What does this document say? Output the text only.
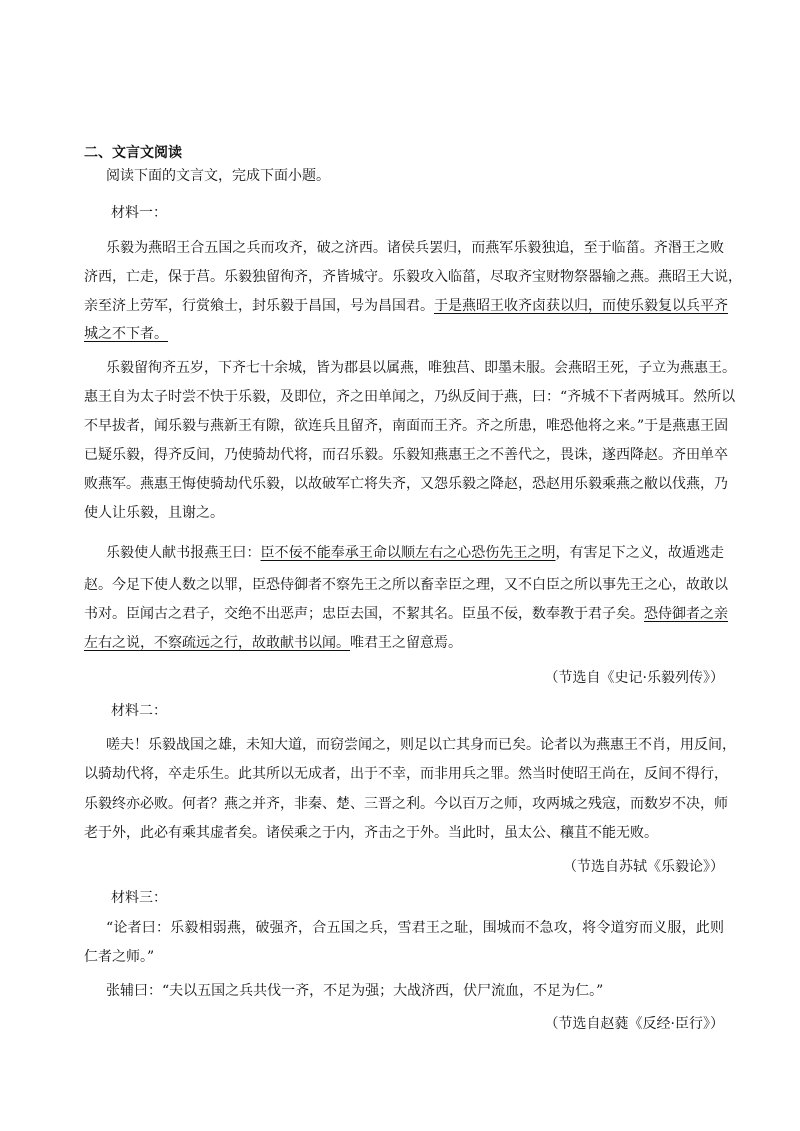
二、文言文阅读
阅读下面的文言文，完成下面小题。
材料一：
乐毅为燕昭王合五国之兵而攻齐，破之济西。诸侯兵罢归，而燕军乐毅独追，至于临菑。齐湣王之败
济西，亡走，保于莒。乐毅独留徇齐，齐皆城守。乐毅攻入临菑，尽取齐宝财物祭器输之燕。燕昭王大说，
亲至济上劳军，行赏飨士，封乐毅于昌国，号为昌国君。于是燕昭王收齐卤获以归，而使乐毅复以兵平齐
城之不下者。
乐毅留徇齐五岁，下齐七十余城，皆为郡县以属燕，唯独莒、即墨未服。会燕昭王死，子立为燕惠王。
惠王自为太子时尝不快于乐毅，及即位，齐之田单闻之，乃纵反间于燕，曰：“齐城不下者两城耳。然所以
不早拔者，闻乐毅与燕新王有隙，欲连兵且留齐，南面而王齐。齐之所患，唯恐他将之来。”于是燕惠王固
已疑乐毅，得齐反间，乃使骑劫代将，而召乐毅。乐毅知燕惠王之不善代之，畏诛，遂西降赵。齐田单卒
败燕军。燕惠王悔使骑劫代乐毅，以故破军亡将失齐，又怨乐毅之降赵，恐赵用乐毅乘燕之敝以伐燕，乃
使人让乐毅，且谢之。
乐毅使人献书报燕王曰：臣不佞不能奉承王命以顺左右之心恐伤先王之明，有害足下之义，故遁逃走
赵。今足下使人数之以罪，臣恐侍御者不察先王之所以畜幸臣之理，又不白臣之所以事先王之心，故敢以
书对。臣闻古之君子，交绝不出恶声；忠臣去国，不絜其名。臣虽不佞，数奉教于君子矣。恐侍御者之亲
左右之说，不察疏远之行，故敢献书以闻。唯君王之留意焉。
（节选自《史记·乐毅列传》）
材料二：
嗟夫！乐毅战国之雄，未知大道，而窃尝闻之，则足以亡其身而已矣。论者以为燕惠王不肖，用反间，
以骑劫代将，卒走乐生。此其所以无成者，出于不幸，而非用兵之罪。然当时使昭王尚在，反间不得行，
乐毅终亦必败。何者？燕之并齐，非秦、楚、三晋之利。今以百万之师，攻两城之残寇，而数岁不决，师
老于外，此必有乘其虚者矣。诸侯乘之于内，齐击之于外。当此时，虽太公、穰苴不能无败。
（节选自苏轼《乐毅论》）
材料三：
“论者曰：乐毅相弱燕，破强齐，合五国之兵，雪君王之耻，围城而不急攻，将令道穷而义服，此则
仁者之师。”
张辅曰：“夫以五国之兵共伐一齐，不足为强；大战济西，伏尸流血，不足为仁。”
（节选自赵蕤《反经·臣行》）
